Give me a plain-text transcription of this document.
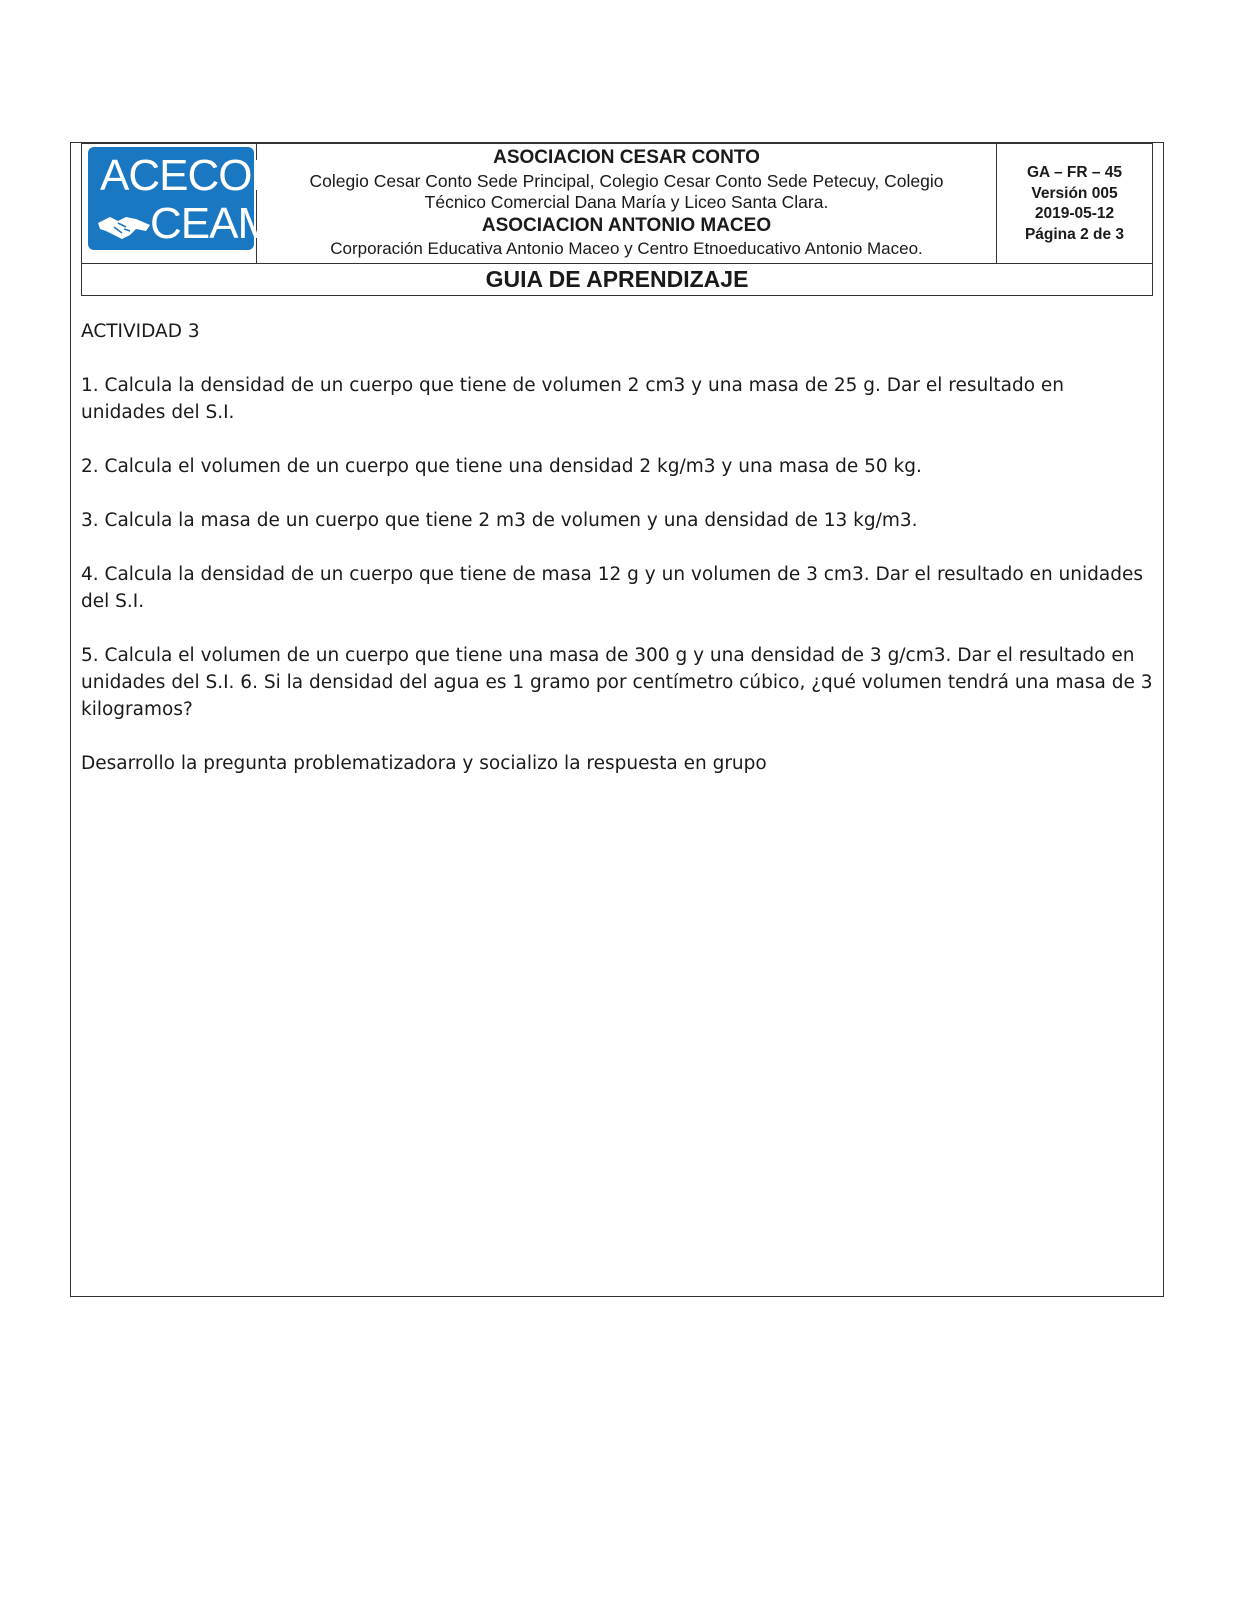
ACECON
CEAM
ASOCIACION CESAR CONTO
Colegio Cesar Conto Sede Principal, Colegio Cesar Conto Sede Petecuy, Colegio Técnico Comercial Dana María y Liceo Santa Clara.
ASOCIACION ANTONIO MACEO
Corporación Educativa Antonio Maceo y Centro Etnoeducativo Antonio Maceo.
GA – FR – 45
Versión 005
2019-05-12
Página 2 de 3
GUIA DE APRENDIZAJE

ACTIVIDAD 3

1. Calcula la densidad de un cuerpo que tiene de volumen 2 cm3 y una masa de 25 g. Dar el resultado en unidades del S.I.

2. Calcula el volumen de un cuerpo que tiene una densidad 2 kg/m3 y una masa de 50 kg.

3. Calcula la masa de un cuerpo que tiene 2 m3 de volumen y una densidad de 13 kg/m3.

4. Calcula la densidad de un cuerpo que tiene de masa 12 g y un volumen de 3 cm3. Dar el resultado en unidades del S.I.

5. Calcula el volumen de un cuerpo que tiene una masa de 300 g y una densidad de 3 g/cm3. Dar el resultado en unidades del S.I. 6. Si la densidad del agua es 1 gramo por centímetro cúbico, ¿qué volumen tendrá una masa de 3 kilogramos?

Desarrollo la pregunta problematizadora y socializo la respuesta en grupo
